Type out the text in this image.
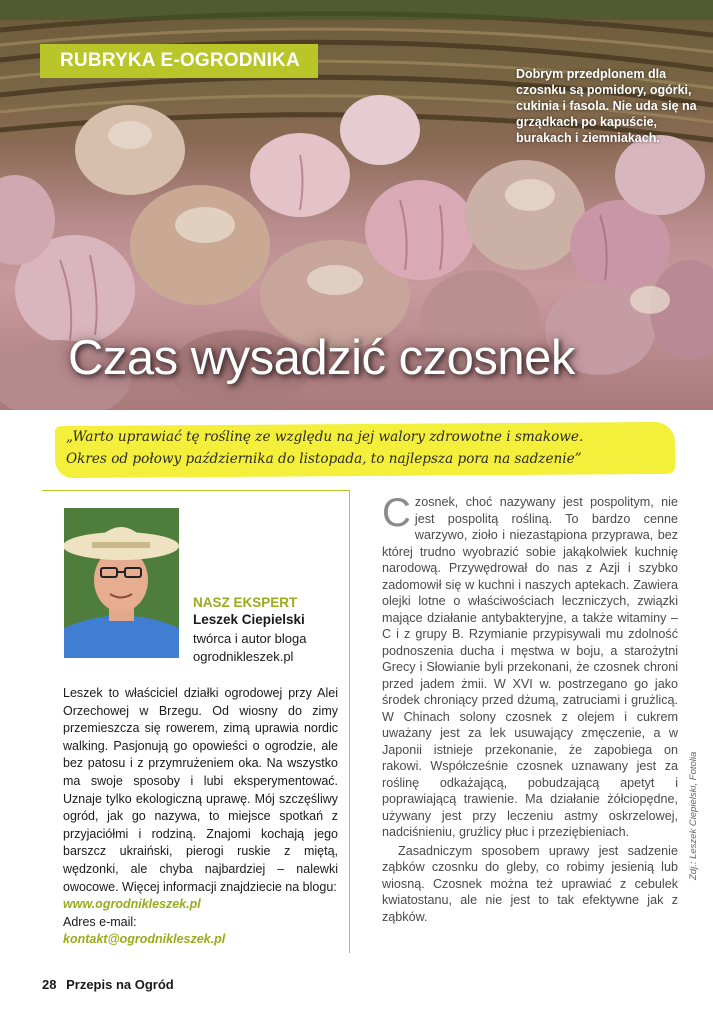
RUBRYKA E-OGRODNIKA
Dobrym przedplonem dla czosnku są pomidory, ogórki, cukinia i fasola. Nie uda się na grządkach po kapuście, burakach i ziemniakach.
Czas wysadzić czosnek
„Warto uprawiać tę roślinę ze względu na jej walory zdrowotne i smakowe.
Okres od połowy października do listopada, to najlepsza pora na sadzenie”
NASZ EKSPERT
Leszek Ciepielski
twórca i autor bloga ogrodnikleszek.pl
Leszek to właściciel działki ogrodowej przy Alei Orzechowej w Brzegu. Od wiosny do zimy przemieszcza się rowerem, zimą uprawia nordic walking. Pasjonują go opowieści o ogrodzie, ale bez patosu i z przymrużeniem oka. Na wszystko ma swoje sposoby i lubi eksperymentować. Uznaje tylko ekologiczną uprawę. Mój szczęśliwy ogród, jak go nazywa, to miejsce spotkań z przyjaciółmi i rodziną. Znajomi kochają jego barszcz ukraiński, pierogi ruskie z miętą, wędzonki, ale chyba najbardziej – nalewki owocowe. Więcej informacji znajdziecie na blogu:
www.ogrodnikleszek.pl
Adres e-mail:
kontakt@ogrodnikleszek.pl

Czosnek, choć nazywany jest pospolitym, nie jest pospolitą rośliną. To bardzo cenne warzywo, zioło i niezastąpiona przyprawa, bez której trudno wyobrazić sobie jakąkolwiek kuchnię narodową. Przywędrował do nas z Azji i szybko zadomowił się w kuchni i naszych aptekach. Zawiera olejki lotne o właściwościach leczniczych, związki mające działanie antybakteryjne, a także witaminy – C i z grupy B. Rzymianie przypisywali mu zdolność podnoszenia ducha i męstwa w boju, a starożytni Grecy i Słowianie byli przekonani, że czosnek chroni przed jadem żmii. W XVI w. postrzegano go jako środek chroniący przed dżumą, zatruciami i grużlicą. W Chinach solony czosnek z olejem i cukrem uważany jest za lek usuwający zmęczenie, a w Japonii istnieje przekonanie, że zapobiega on rakowi. Współcześnie czosnek uznawany jest za roślinę odkażającą, pobudzającą apetyt i poprawiającą trawienie. Ma działanie żółciopędne, używany jest przy leczeniu astmy oskrzelowej, nadciśnieniu, grużlicy płuc i przeziębieniach.

Zasadniczym sposobem uprawy jest sadzenie ząbków czosnku do gleby, co robimy jesienią lub wiosną. Czosnek można też uprawiać z cebulek kwiatostanu, ale nie jest to tak efektywne jak z ząbków.

Zdj.: Leszek Ciepielski, Fotolia
28 Przepis na Ogród
